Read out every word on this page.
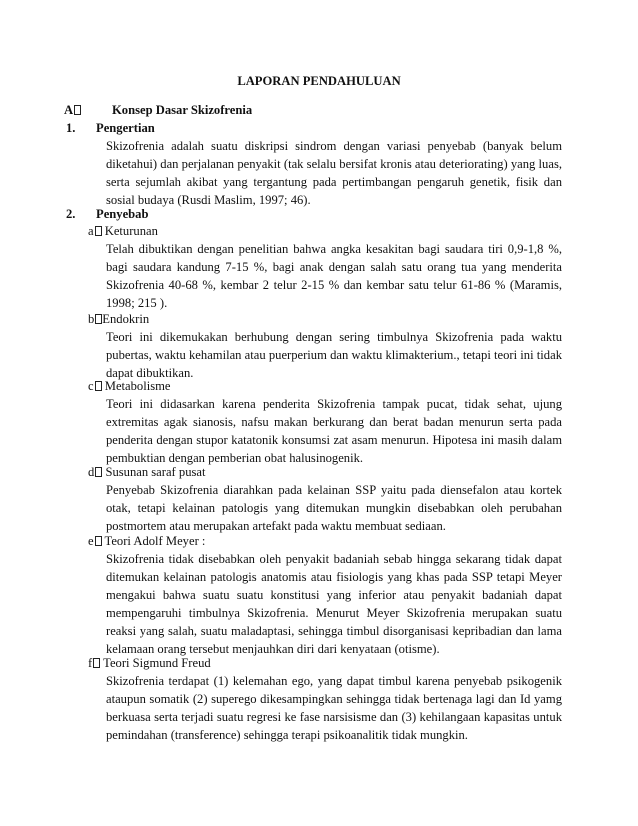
LAPORAN PENDAHULUAN
A	Konsep Dasar Skizofrenia
1. Pengertian
Skizofrenia adalah suatu diskripsi sindrom dengan variasi penyebab (banyak belum
diketahui) dan perjalanan penyakit (tak selalu bersifat kronis atau deteriorating) yang luas,
serta sejumlah akibat yang tergantung pada pertimbangan pengaruh genetik, fisik dan
sosial budaya (Rusdi Maslim, 1997; 46).
2. Penyebab
a Keturunan
Telah dibuktikan dengan penelitian bahwa angka kesakitan bagi saudara tiri 0,9-1,8 %,
bagi saudara kandung 7-15 %, bagi anak dengan salah satu orang tua yang menderita
Skizofrenia 40-68 %, kembar 2 telur 2-15 % dan kembar satu telur 61-86 % (Maramis,
1998; 215 ).
b Endokrin
Teori ini dikemukakan berhubung dengan sering timbulnya Skizofrenia pada waktu
pubertas, waktu kehamilan atau puerperium dan waktu klimakterium., tetapi teori ini tidak
dapat dibuktikan.
c Metabolisme
Teori ini didasarkan karena penderita Skizofrenia tampak pucat, tidak sehat, ujung
extremitas agak sianosis, nafsu makan berkurang dan berat badan menurun serta pada
penderita dengan stupor katatonik konsumsi zat asam menurun. Hipotesa ini masih dalam
pembuktian dengan pemberian obat halusinogenik.
d Susunan saraf pusat
Penyebab Skizofrenia diarahkan pada kelainan SSP yaitu pada diensefalon atau kortek
otak, tetapi kelainan patologis yang ditemukan mungkin disebabkan oleh perubahan
postmortem atau merupakan artefakt pada waktu membuat sediaan.
e Teori Adolf Meyer :
Skizofrenia tidak disebabkan oleh penyakit badaniah sebab hingga sekarang tidak dapat
ditemukan kelainan patologis anatomis atau fisiologis yang khas pada SSP tetapi Meyer
mengakui bahwa suatu suatu konstitusi yang inferior atau penyakit badaniah dapat
mempengaruhi timbulnya Skizofrenia. Menurut Meyer Skizofrenia merupakan suatu
reaksi yang salah, suatu maladaptasi, sehingga timbul disorganisasi kepribadian dan lama
kelamaan orang tersebut menjauhkan diri dari kenyataan (otisme).
f Teori Sigmund Freud
Skizofrenia terdapat (1) kelemahan ego, yang dapat timbul karena penyebab psikogenik
ataupun somatik (2) superego dikesampingkan sehingga tidak bertenaga lagi dan Id yamg
berkuasa serta terjadi suatu regresi ke fase narsisisme dan (3) kehilangaan kapasitas untuk
pemindahan (transference) sehingga terapi psikoanalitik tidak mungkin.
